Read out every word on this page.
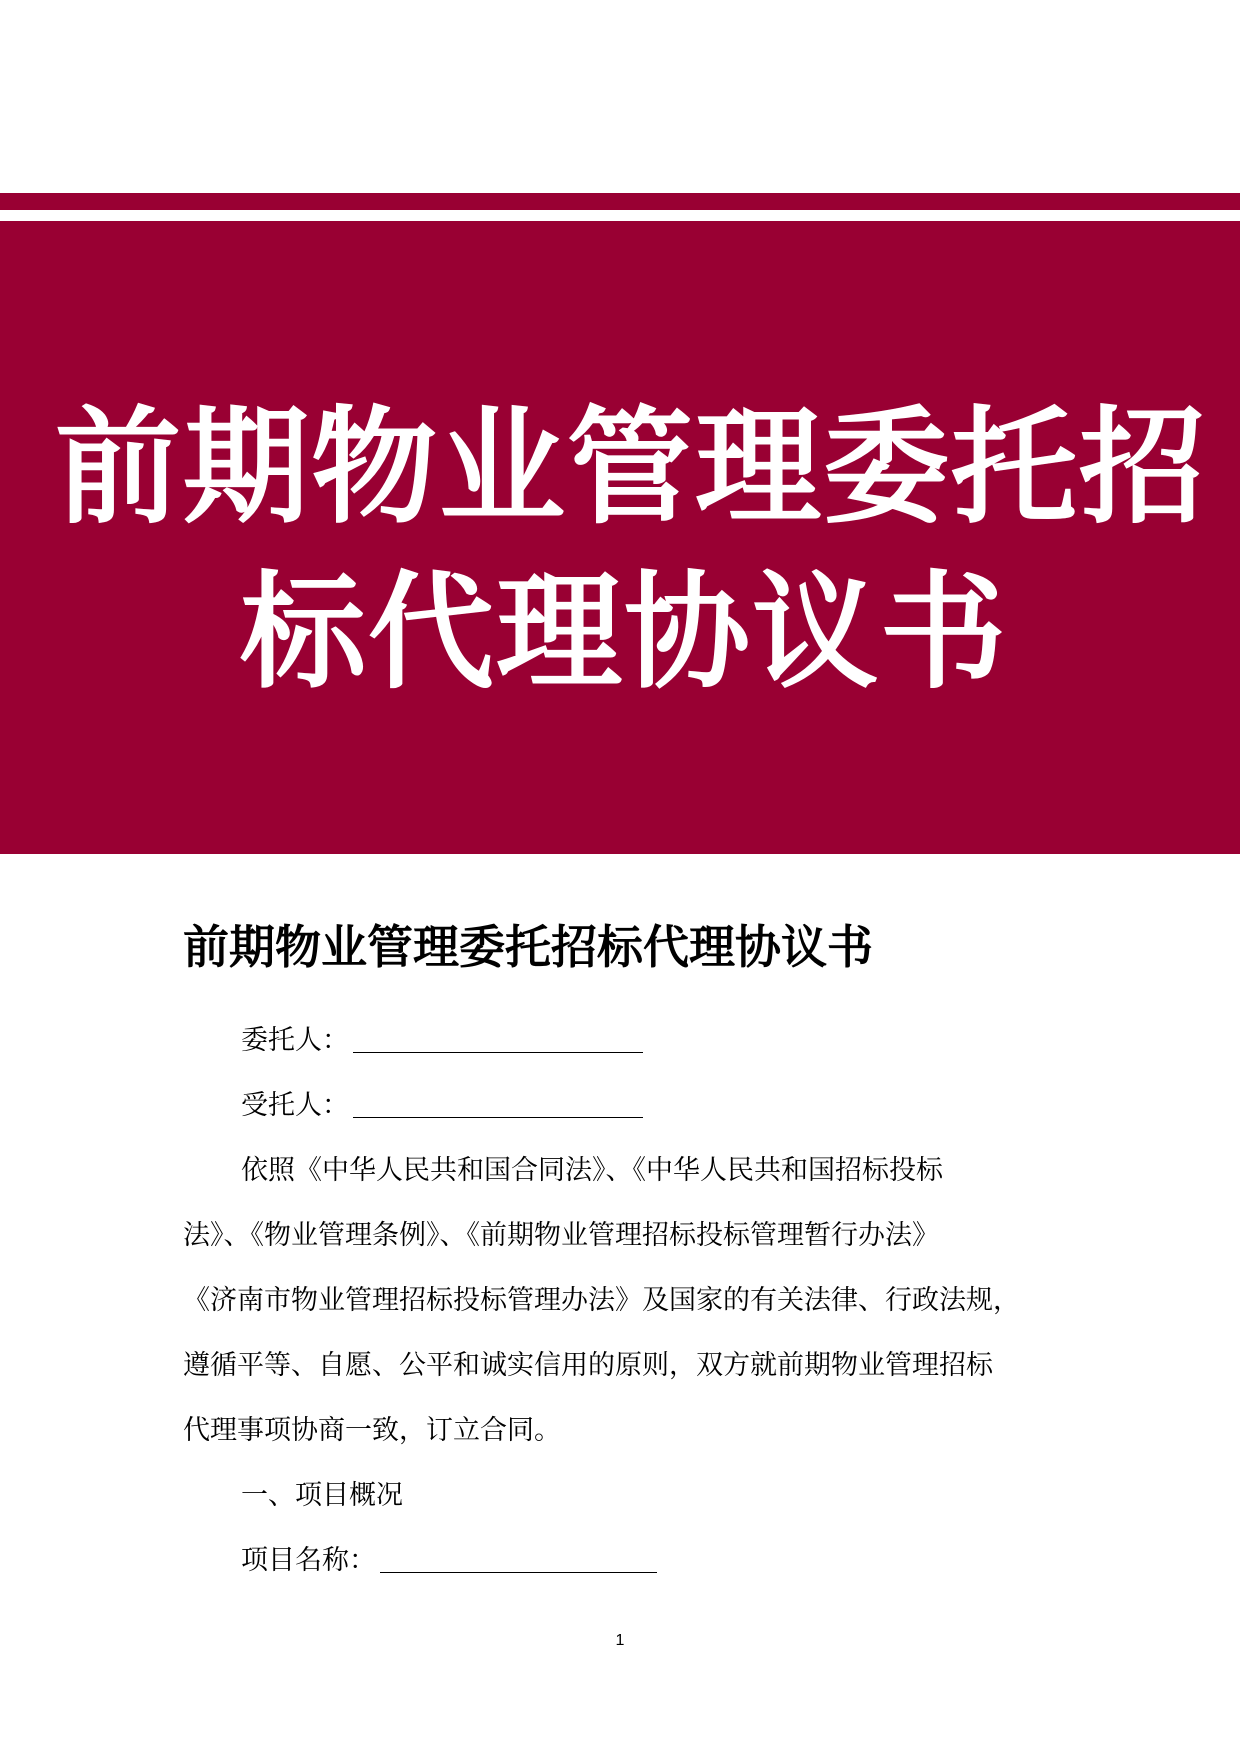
前期物业管理委托招
标代理协议书
前期物业管理委托招标代理协议书

委托人：

受托人：

依照《中华人民共和国合同法》、《中华人民共和国招标投标

法》、《物业管理条例》、《前期物业管理招标投标管理暂行办法》

《济南市物业管理招标投标管理办法》及国家的有关法律、行政法规，

遵循平等、自愿、公平和诚实信用的原则，双方就前期物业管理招标

代理事项协商一致，订立合同。

一、项目概况

项目名称：

1
